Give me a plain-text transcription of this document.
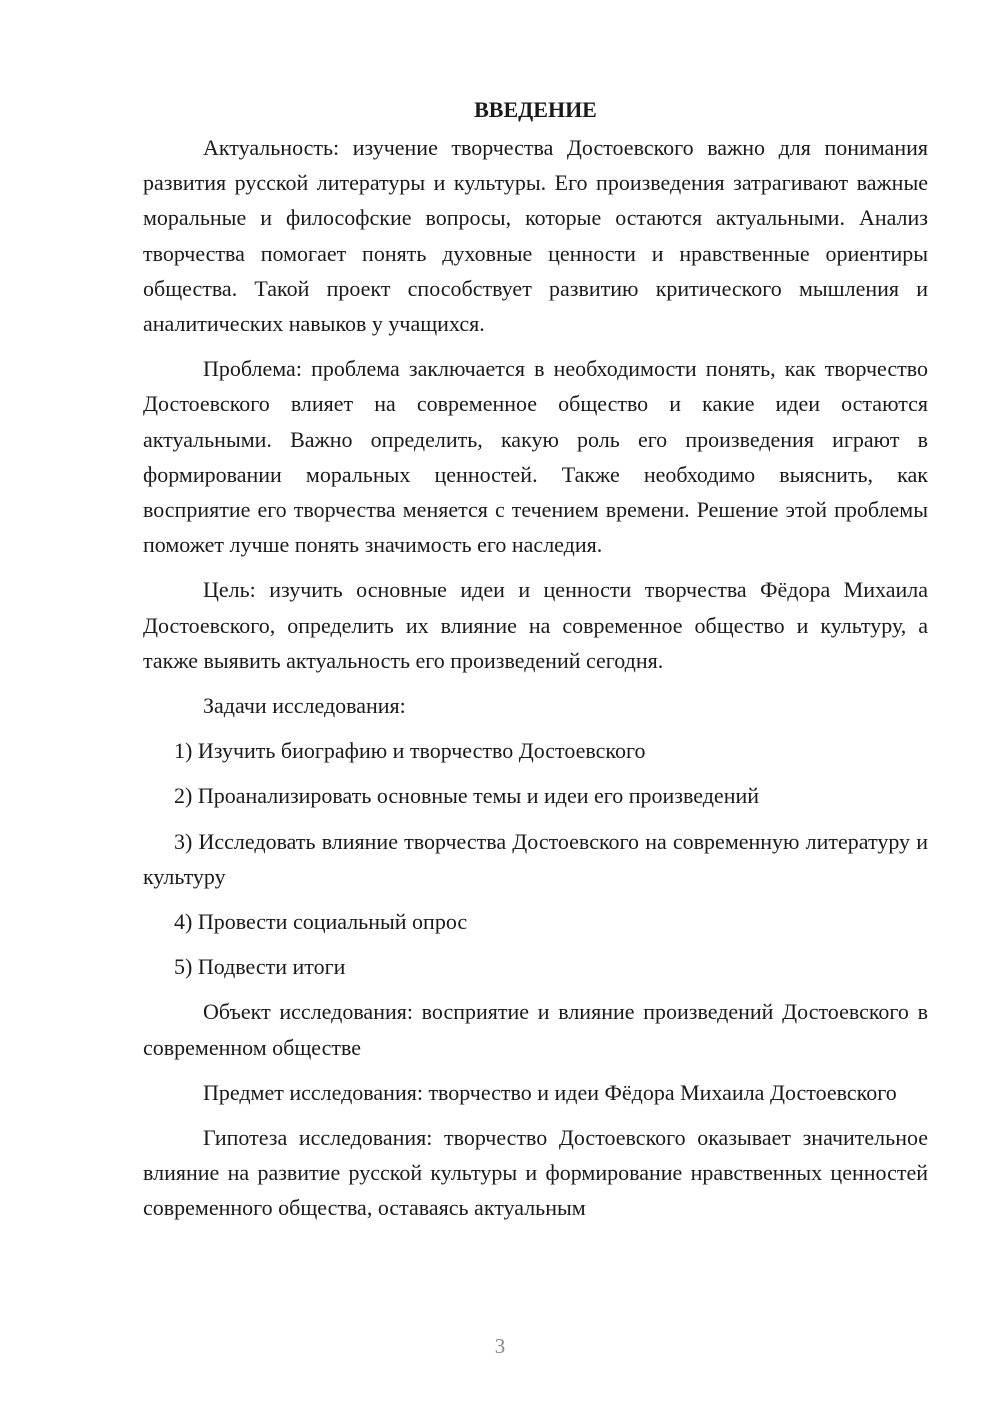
ВВЕДЕНИЕ

Актуальность: изучение творчества Достоевского важно для понимания развития русской литературы и культуры. Его произведения затрагивают важные моральные и философские вопросы, которые остаются актуальными. Анализ творчества помогает понять духовные ценности и нравственные ориентиры общества. Такой проект способствует развитию критического мышления и аналитических навыков у учащихся.

Проблема: проблема заключается в необходимости понять, как творчество Достоевского влияет на современное общество и какие идеи остаются актуальными. Важно определить, какую роль его произведения играют в формировании моральных ценностей. Также необходимо выяснить, как восприятие его творчества меняется с течением времени. Решение этой проблемы поможет лучше понять значимость его наследия.

Цель: изучить основные идеи и ценности творчества Фёдора Михаила Достоевского, определить их влияние на современное общество и культуру, а также выявить актуальность его произведений сегодня.

Задачи исследования:

1) Изучить биографию и творчество Достоевского

2) Проанализировать основные темы и идеи его произведений

3) Исследовать влияние творчества Достоевского на современную литературу и культуру

4) Провести социальный опрос

5) Подвести итоги

Объект исследования: восприятие и влияние произведений Достоевского в современном обществе

Предмет исследования: творчество и идеи Фёдора Михаила Достоевского

Гипотеза исследования: творчество Достоевского оказывает значительное влияние на развитие русской культуры и формирование нравственных ценностей современного общества, оставаясь актуальным

3
